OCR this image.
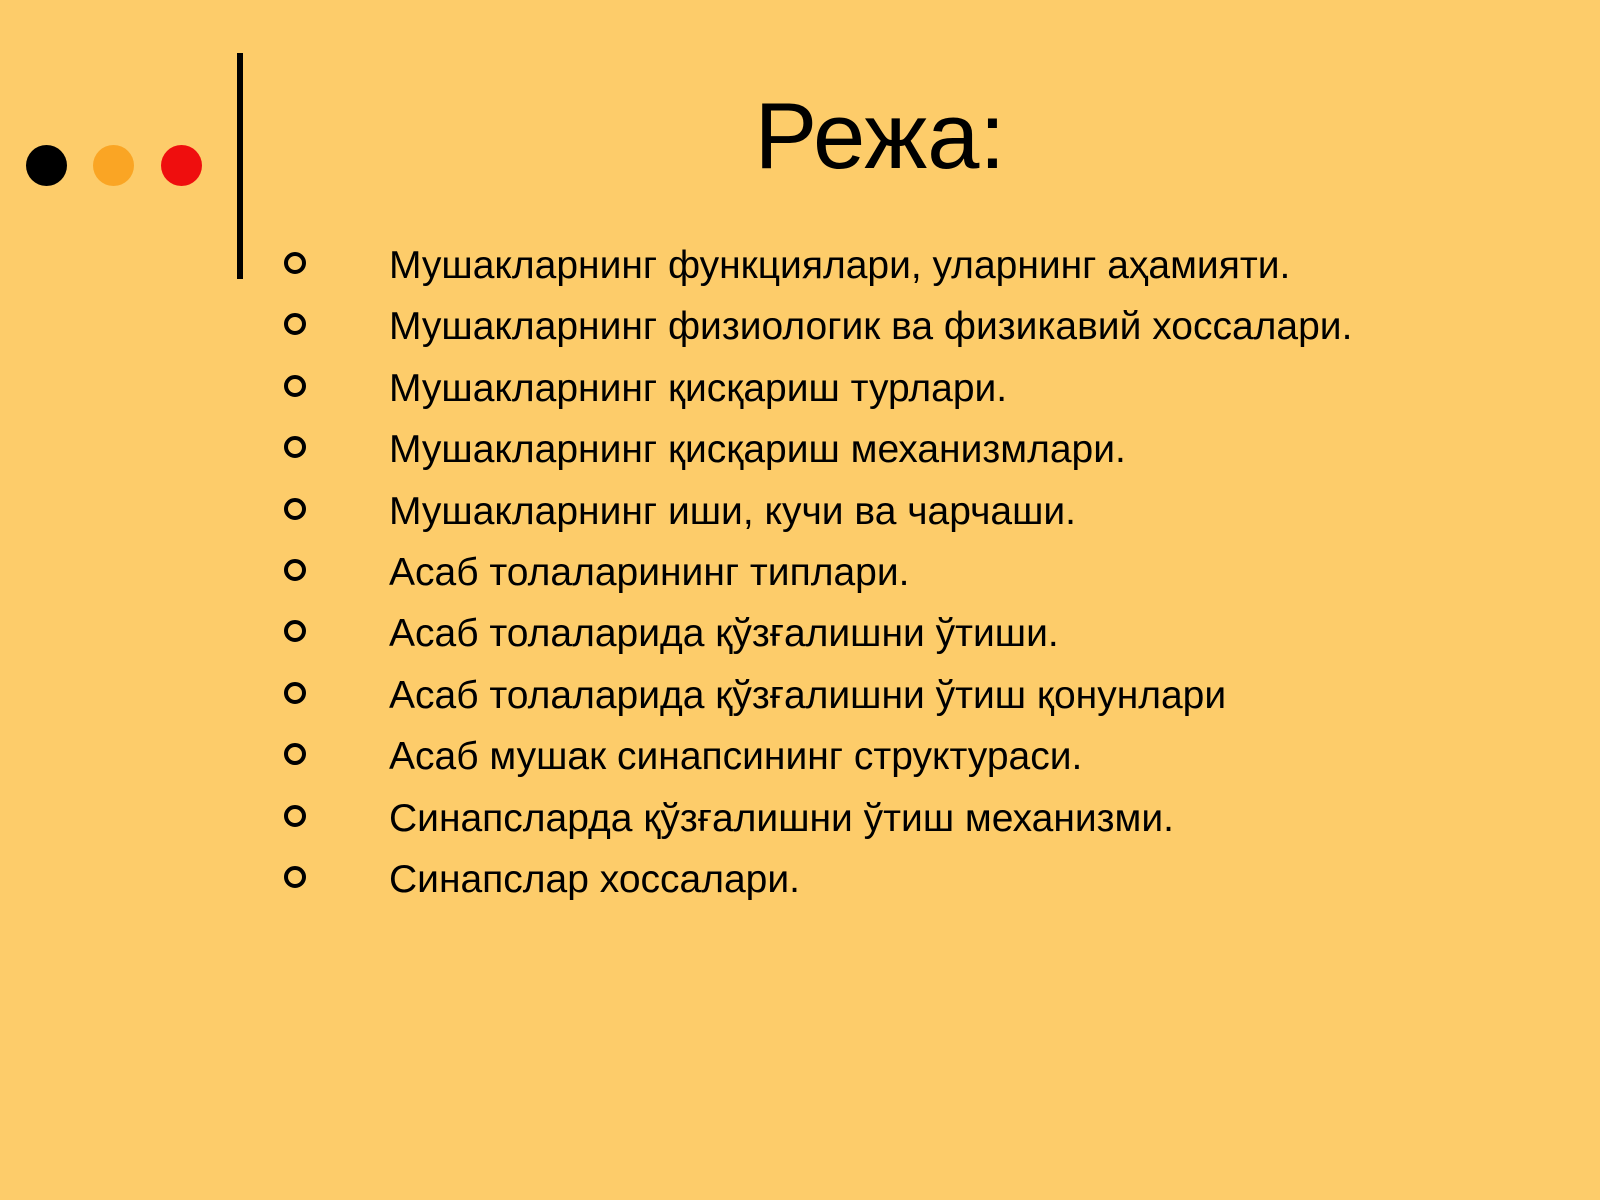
Режа:
Мушакларнинг функциялари, уларнинг аҳамияти.
Мушакларнинг физиологик ва физикавий хоссалари.
Мушакларнинг қисқариш турлари.
Мушакларнинг қисқариш механизмлари.
Мушакларнинг иши, кучи ва чарчаши.
Асаб толаларининг типлари.
Асаб толаларида қўзғалишни ўтиши.
Асаб толаларида қўзғалишни ўтиш қонунлари
Асаб мушак синапсининг структураси.
Синапсларда қўзғалишни ўтиш механизми.
Синапслар хоссалари.
